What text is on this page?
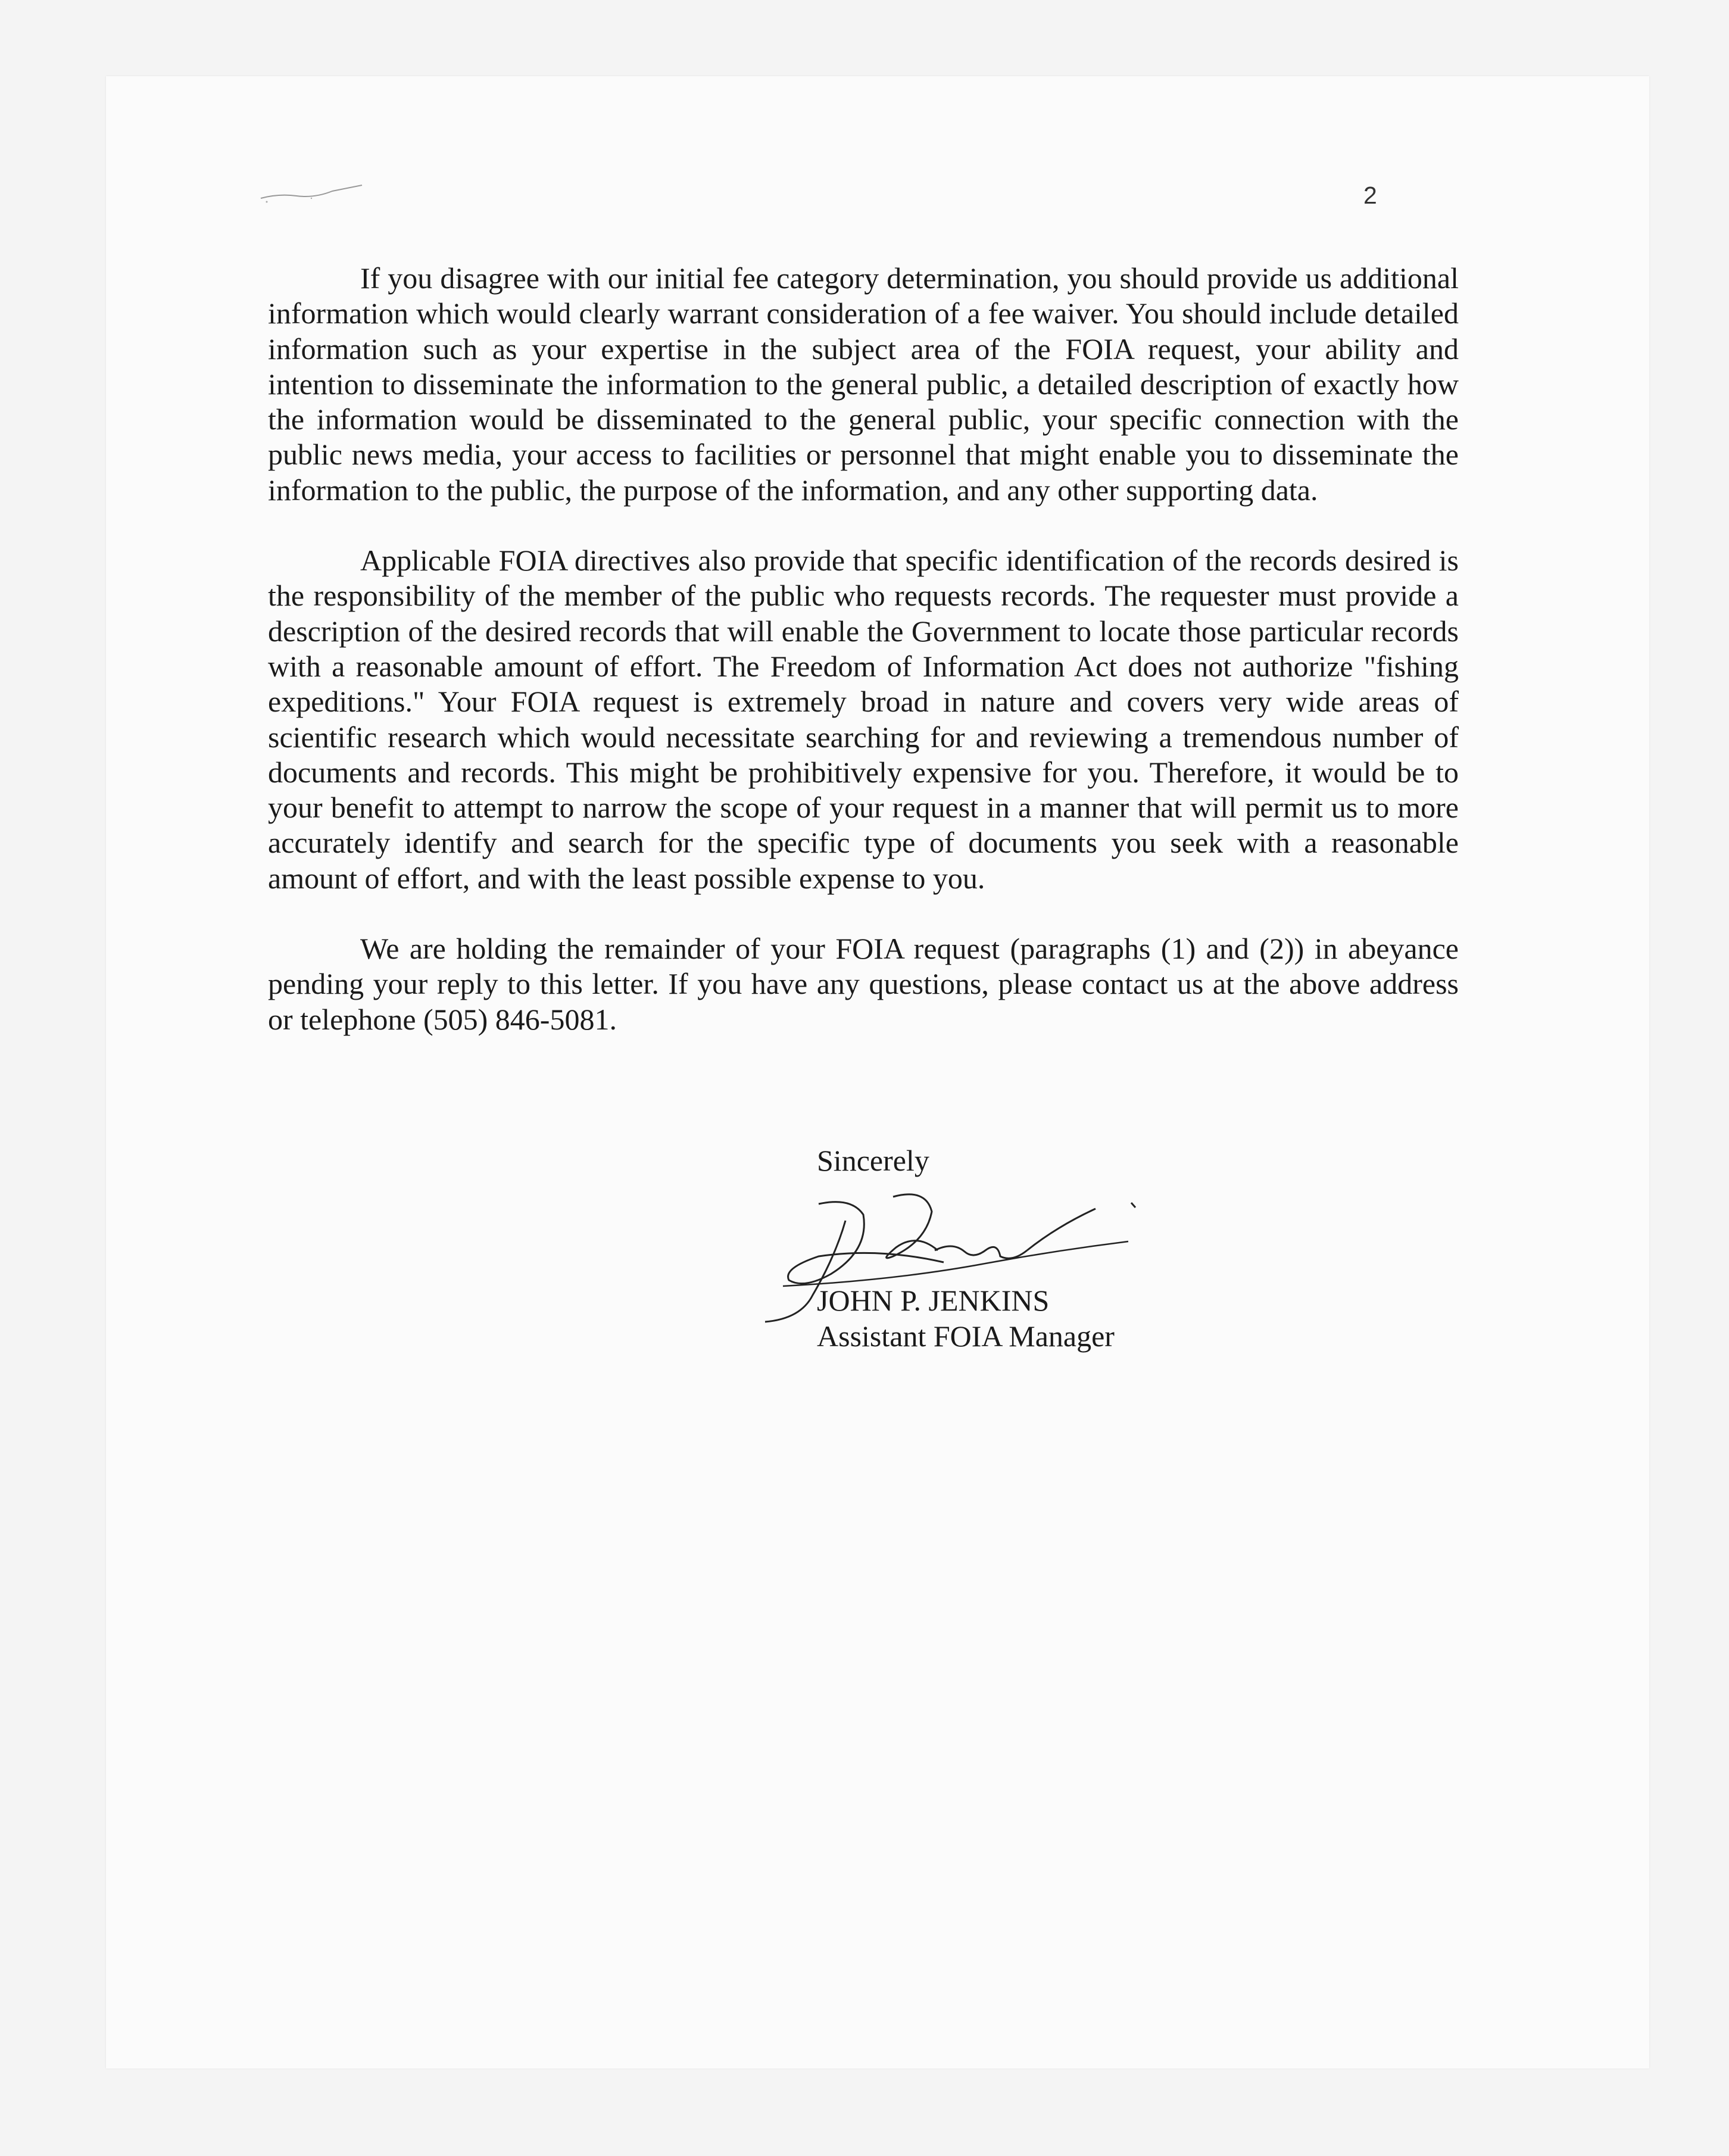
2

If you disagree with our initial fee category determination, you should provide us additional information which would clearly warrant consideration of a fee waiver. You should include detailed information such as your expertise in the subject area of the FOIA request, your ability and intention to disseminate the information to the general public, a detailed description of exactly how the information would be disseminated to the general public, your specific connection with the public news media, your access to facilities or personnel that might enable you to disseminate the information to the public, the purpose of the information, and any other supporting data.

Applicable FOIA directives also provide that specific identification of the records desired is the responsibility of the member of the public who requests records. The requester must provide a description of the desired records that will enable the Government to locate those particular records with a reasonable amount of effort. The Freedom of Information Act does not authorize "fishing expeditions." Your FOIA request is extremely broad in nature and covers very wide areas of scientific research which would necessitate searching for and reviewing a tremendous number of documents and records. This might be prohibitively expensive for you. Therefore, it would be to your benefit to attempt to narrow the scope of your request in a manner that will permit us to more accurately identify and search for the specific type of documents you seek with a reasonable amount of effort, and with the least possible expense to you.

We are holding the remainder of your FOIA request (paragraphs (1) and (2)) in abeyance pending your reply to this letter. If you have any questions, please contact us at the above address or telephone (505) 846-5081.

Sincerely
JOHN P. JENKINS
Assistant FOIA Manager
